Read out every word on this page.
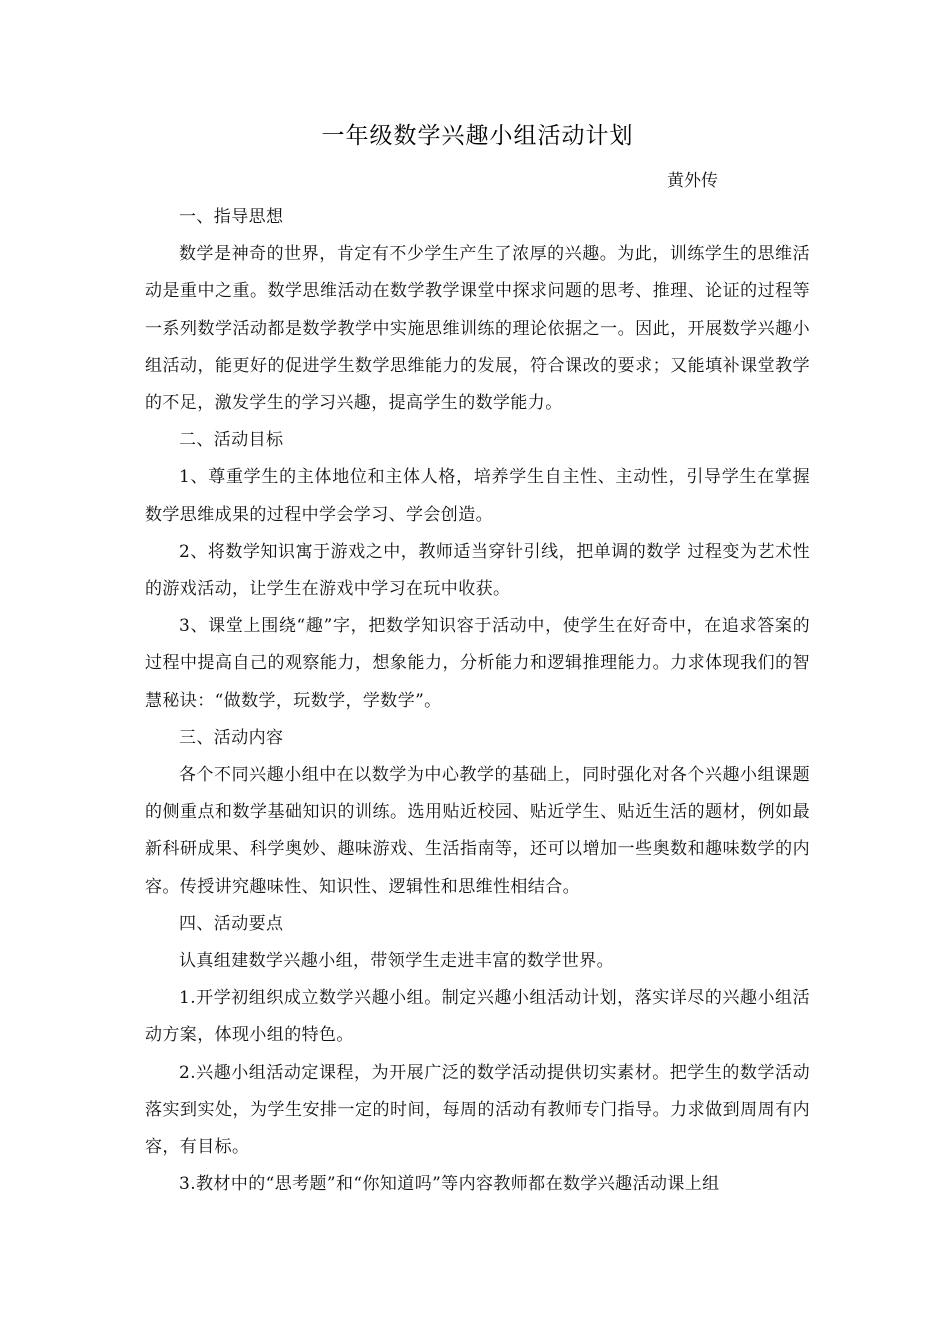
一年级数学兴趣小组活动计划
黄外传

一、指导思想

数学是神奇的世界，肯定有不少学生产生了浓厚的兴趣。为此，训练学生的思维活动是重中之重。数学思维活动在数学教学课堂中探求问题的思考、推理、论证的过程等一系列数学活动都是数学教学中实施思维训练的理论依据之一。因此，开展数学兴趣小组活动，能更好的促进学生数学思维能力的发展，符合课改的要求；又能填补课堂教学的不足，激发学生的学习兴趣，提高学生的数学能力。

二、活动目标

1、尊重学生的主体地位和主体人格，培养学生自主性、主动性，引导学生在掌握数学思维成果的过程中学会学习、学会创造。

2、将数学知识寓于游戏之中，教师适当穿针引线，把单调的数学 过程变为艺术性的游戏活动，让学生在游戏中学习在玩中收获。

3、课堂上围绕“趣”字，把数学知识容于活动中，使学生在好奇中，在追求答案的过程中提高自己的观察能力，想象能力，分析能力和逻辑推理能力。力求体现我们的智慧秘诀：“做数学，玩数学，学数学”。

三、活动内容

各个不同兴趣小组中在以数学为中心教学的基础上，同时强化对各个兴趣小组课题的侧重点和数学基础知识的训练。选用贴近校园、贴近学生、贴近生活的题材，例如最新科研成果、科学奥妙、趣味游戏、生活指南等，还可以增加一些奥数和趣味数学的内容。传授讲究趣味性、知识性、逻辑性和思维性相结合。

四、活动要点

认真组建数学兴趣小组，带领学生走进丰富的数学世界。

1.开学初组织成立数学兴趣小组。制定兴趣小组活动计划，落实详尽的兴趣小组活动方案，体现小组的特色。

2.兴趣小组活动定课程，为开展广泛的数学活动提供切实素材。把学生的数学活动落实到实处，为学生安排一定的时间，每周的活动有教师专门指导。力求做到周周有内容，有目标。

3.教材中的“思考题”和“你知道吗”等内容教师都在数学兴趣活动课上组
